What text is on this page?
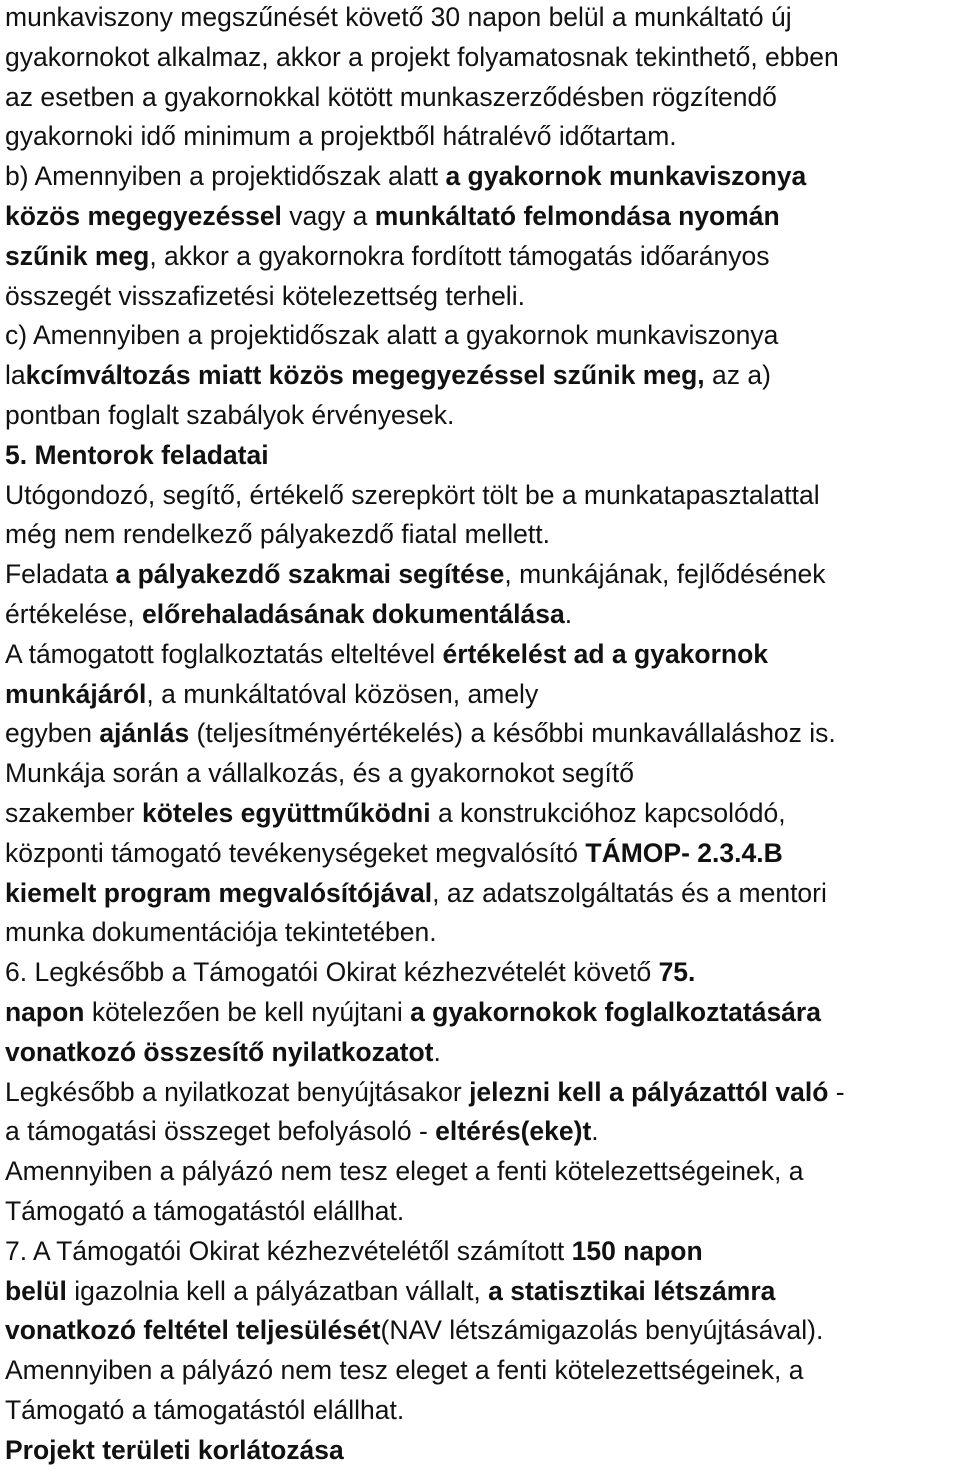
munkaviszony megszűnését követő 30 napon belül a munkáltató új
gyakornokot alkalmaz, akkor a projekt folyamatosnak tekinthető, ebben
az esetben a gyakornokkal kötött munkaszerződésben rögzítendő
gyakornoki idő minimum a projektből hátralévő időtartam.
b) Amennyiben a projektidőszak alatt a gyakornok munkaviszonya
közös megegyezéssel vagy a munkáltató felmondása nyomán
szűnik meg, akkor a gyakornokra fordított támogatás időarányos
összegét visszafizetési kötelezettség terheli.
c) Amennyiben a projektidőszak alatt a gyakornok munkaviszonya
lakcímváltozás miatt közös megegyezéssel szűnik meg, az a)
pontban foglalt szabályok érvényesek.
5. Mentorok feladatai
Utógondozó, segítő, értékelő szerepkört tölt be a munkatapasztalattal
még nem rendelkező pályakezdő fiatal mellett.
Feladata a pályakezdő szakmai segítése, munkájának, fejlődésének
értékelése, előrehaladásának dokumentálása.
A támogatott foglalkoztatás elteltével értékelést ad a gyakornok
munkájáról, a munkáltatóval közösen, amely
egyben ajánlás (teljesítményértékelés) a későbbi munkavállaláshoz is.
Munkája során a vállalkozás, és a gyakornokot segítő
szakember köteles együttműködni a konstrukcióhoz kapcsolódó,
központi támogató tevékenységeket megvalósító TÁMOP- 2.3.4.B
kiemelt program megvalósítójával, az adatszolgáltatás és a mentori
munka dokumentációja tekintetében.
6. Legkésőbb a Támogatói Okirat kézhezvételét követő 75.
napon kötelezően be kell nyújtani a gyakornokok foglalkoztatására
vonatkozó összesítő nyilatkozatot.
Legkésőbb a nyilatkozat benyújtásakor jelezni kell a pályázattól való -
a támogatási összeget befolyásoló - eltérés(eke)t.
Amennyiben a pályázó nem tesz eleget a fenti kötelezettségeinek, a
Támogató a támogatástól elállhat.
7. A Támogatói Okirat kézhezvételétől számított 150 napon
belül igazolnia kell a pályázatban vállalt, a statisztikai létszámra
vonatkozó feltétel teljesülését(NAV létszámigazolás benyújtásával).
Amennyiben a pályázó nem tesz eleget a fenti kötelezettségeinek, a
Támogató a támogatástól elállhat.
Projekt területi korlátozása
